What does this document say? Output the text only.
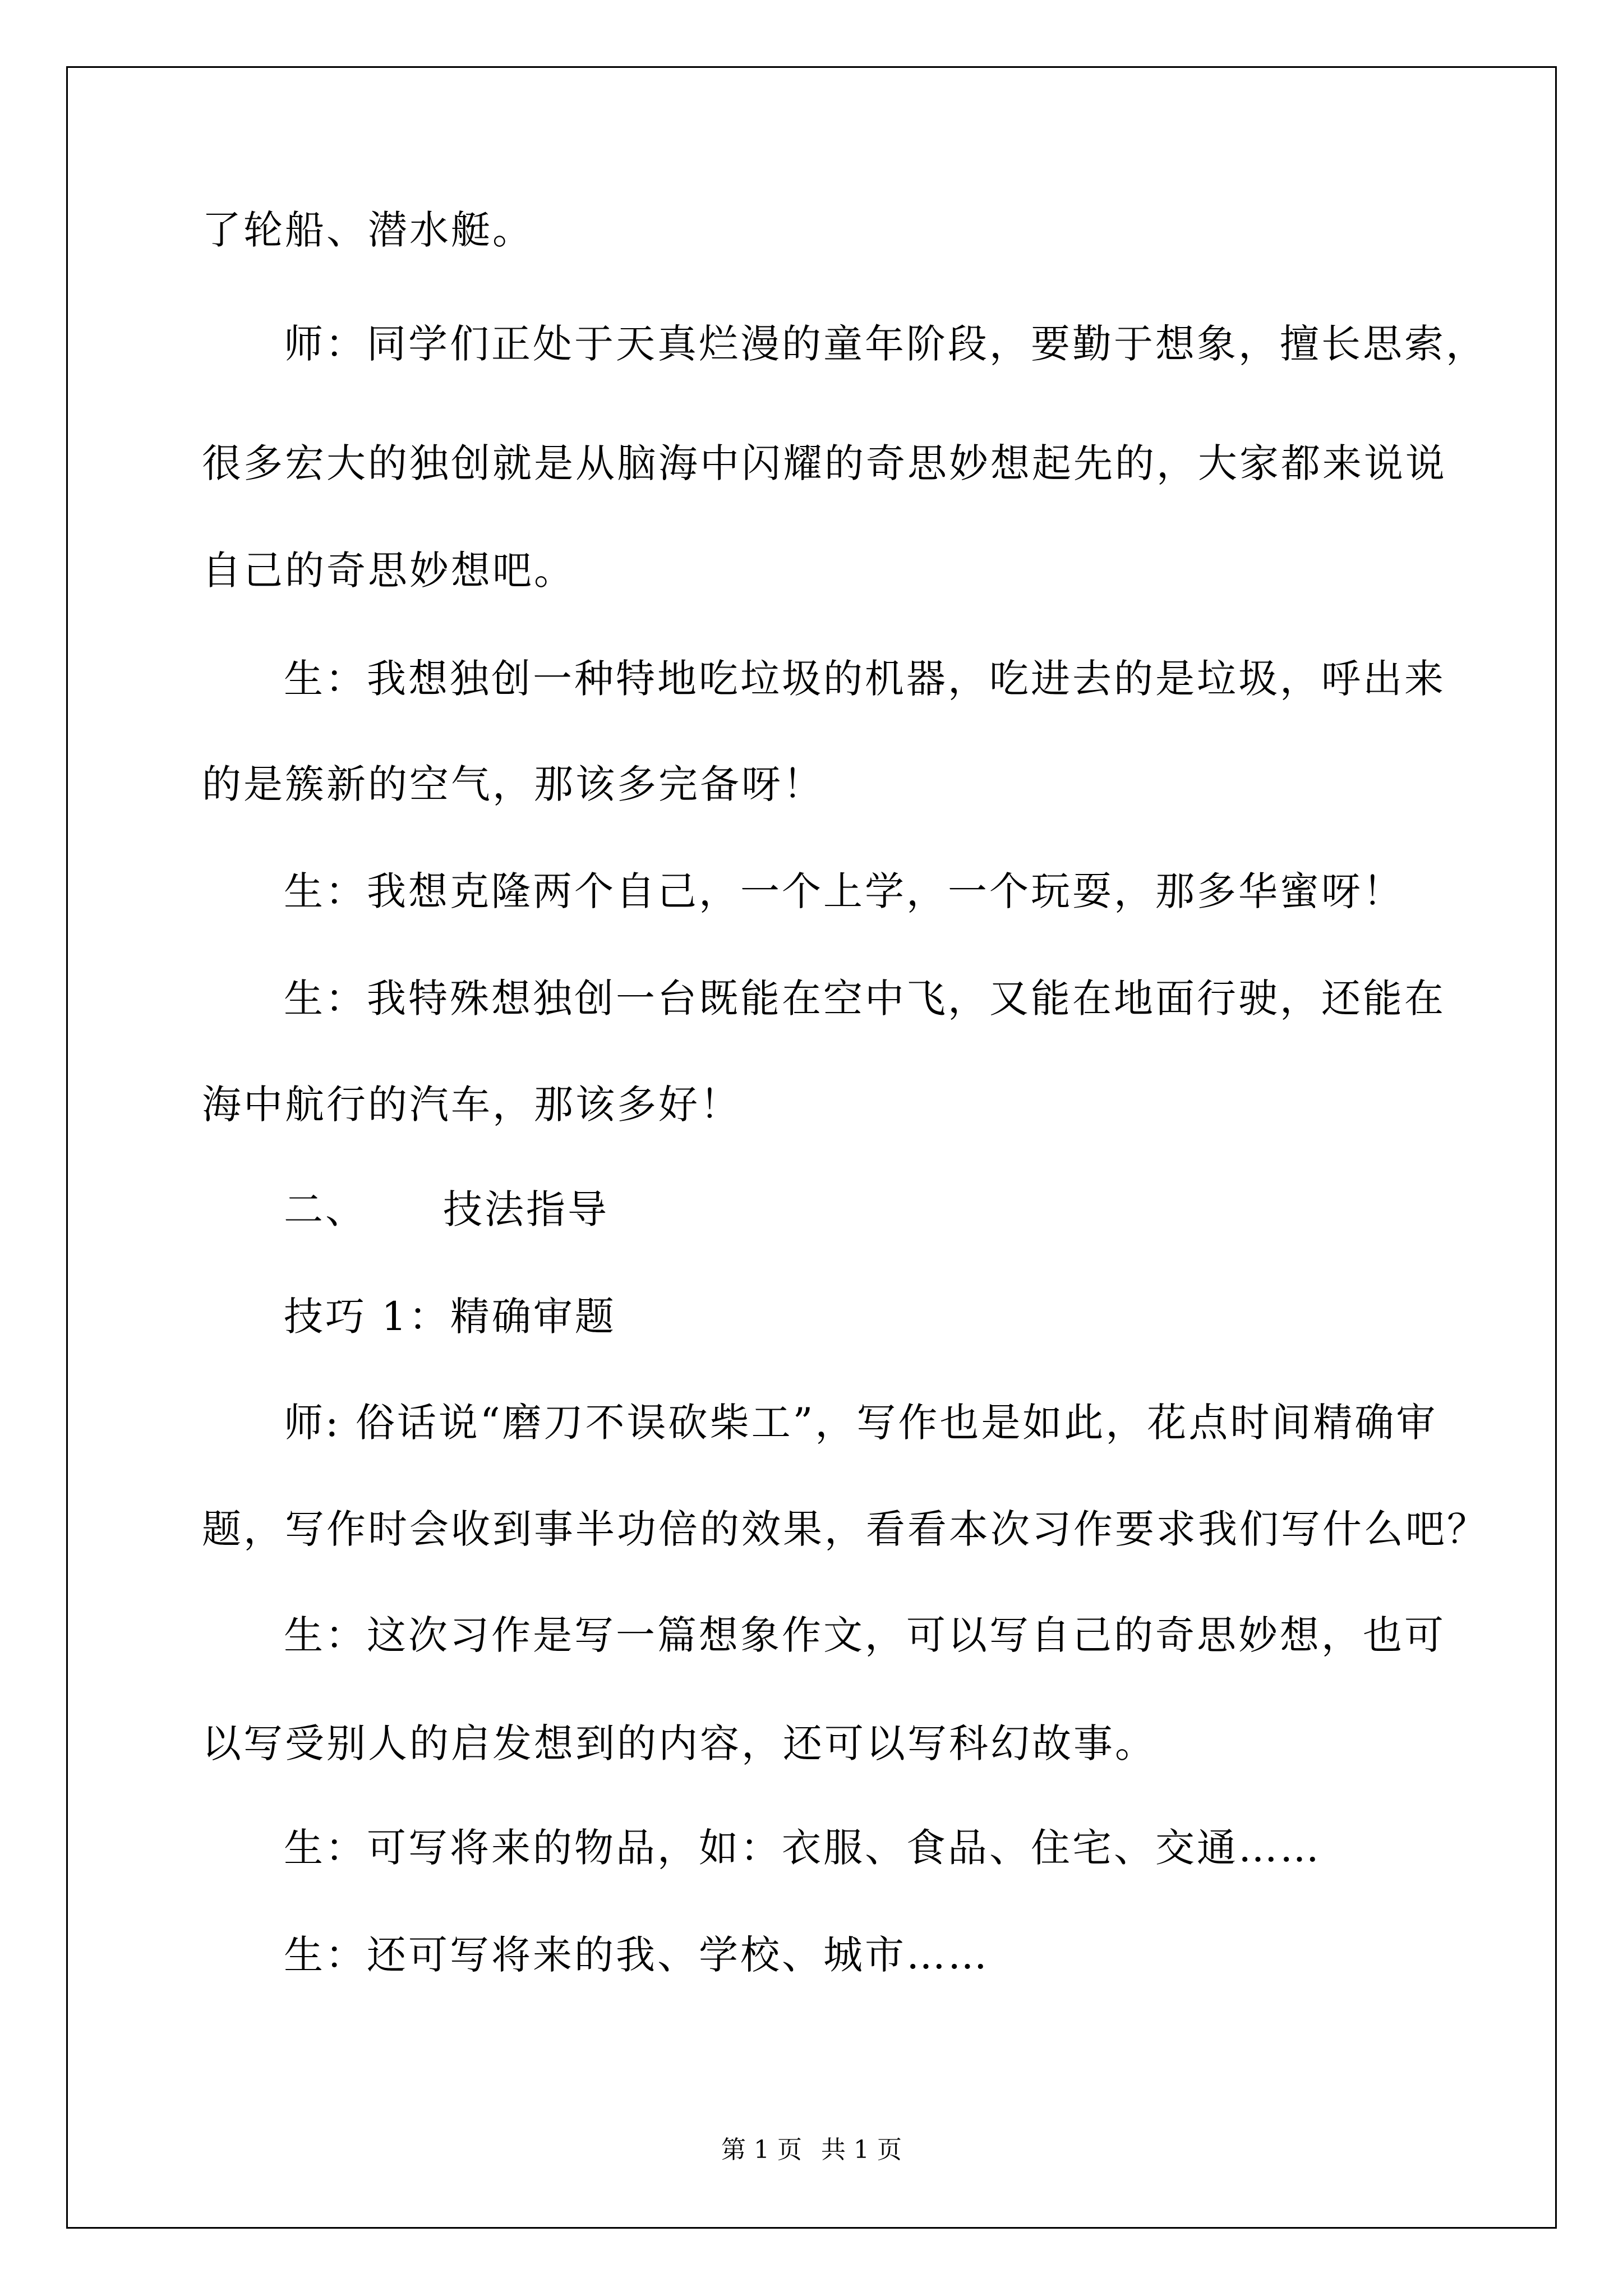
了轮船、潜水艇。
师：同学们正处于天真烂漫的童年阶段，要勤于想象，擅长思索，
很多宏大的独创就是从脑海中闪耀的奇思妙想起先的，大家都来说说
自己的奇思妙想吧。
生：我想独创一种特地吃垃圾的机器，吃进去的是垃圾，呼出来
的是簇新的空气，那该多完备呀！
生：我想克隆两个自己，一个上学，一个玩耍，那多华蜜呀！
生：我特殊想独创一台既能在空中飞，又能在地面行驶，还能在
海中航行的汽车，那该多好！
二、 技法指导
技巧 1：精确审题
师: 俗话说“磨刀不误砍柴工”，写作也是如此，花点时间精确审
题，写作时会收到事半功倍的效果，看看本次习作要求我们写什么吧？
生：这次习作是写一篇想象作文，可以写自己的奇思妙想，也可
以写受别人的启发想到的内容，还可以写科幻故事。
生：可写将来的物品，如：衣服、食品、住宅、交通……
生：还可写将来的我、学校、城市……
第 1 页 共 1 页
